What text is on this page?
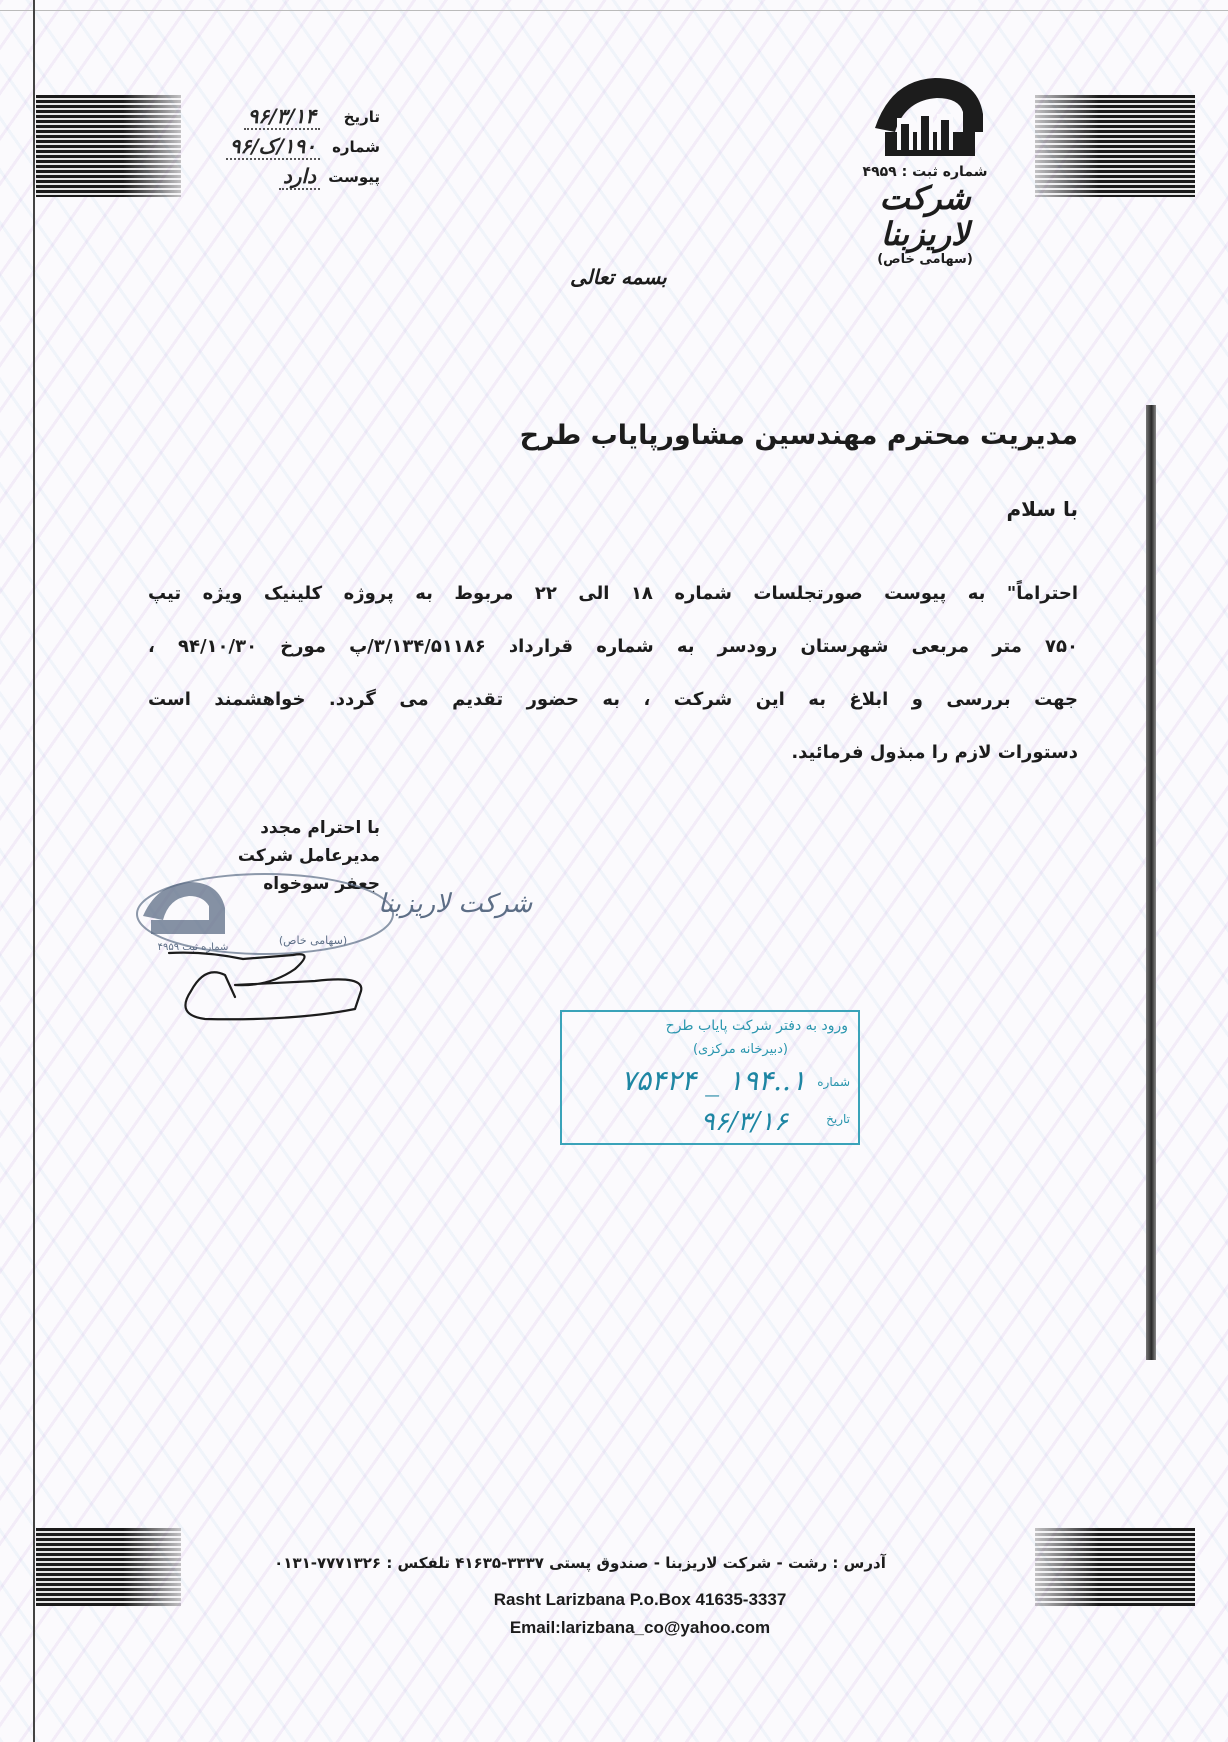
تاریخ
۹۶/۳/۱۴
شماره
۱۹۰/ک/۹۶
پیوست
دارد	شماره ثبت : ۴۹۵۹
شرکت لاریزبنا
(سهامی خاص)
بسمه تعالی
مدیریت محترم مهندسین مشاورپایاب طرح
با سلام
احتراماً" به پیوست صورتجلسات شماره ۱۸ الی ۲۲ مربوط به پروژه کلینیک ویژه تیپ
۷۵۰ متر مربعی شهرستان رودسر به شماره قرارداد ۳/۱۳۴/۵۱۱۸۶/پ مورخ ۹۴/۱۰/۳۰ ،
جهت بررسی و ابلاغ به این شرکت ، به حضور تقدیم می گردد. خواهشمند است
دستورات لازم را مبذول فرمائید.
با احترام مجدد
مدیرعامل شرکت
جعفر سوخواه
شرکت لاریزبنا
شماره ثبت ۴۹۵۹
(سهامی خاص)
ورود به دفتر شرکت پایاب طرح
(دبیرخانه مرکزی)
شماره
۱..۱۹۴ _ ۷۵۴۲۴
تاریخ
۹۶/۳/۱۶
آدرس : رشت - شرکت لاریزبنا - صندوق پستی ۳۳۳۷-۴۱۶۳۵ تلفکس : ۷۷۷۱۳۲۶-۰۱۳۱
Rasht Larizbana P.o.Box 41635-3337
Email:larizbana_co@yahoo.com
